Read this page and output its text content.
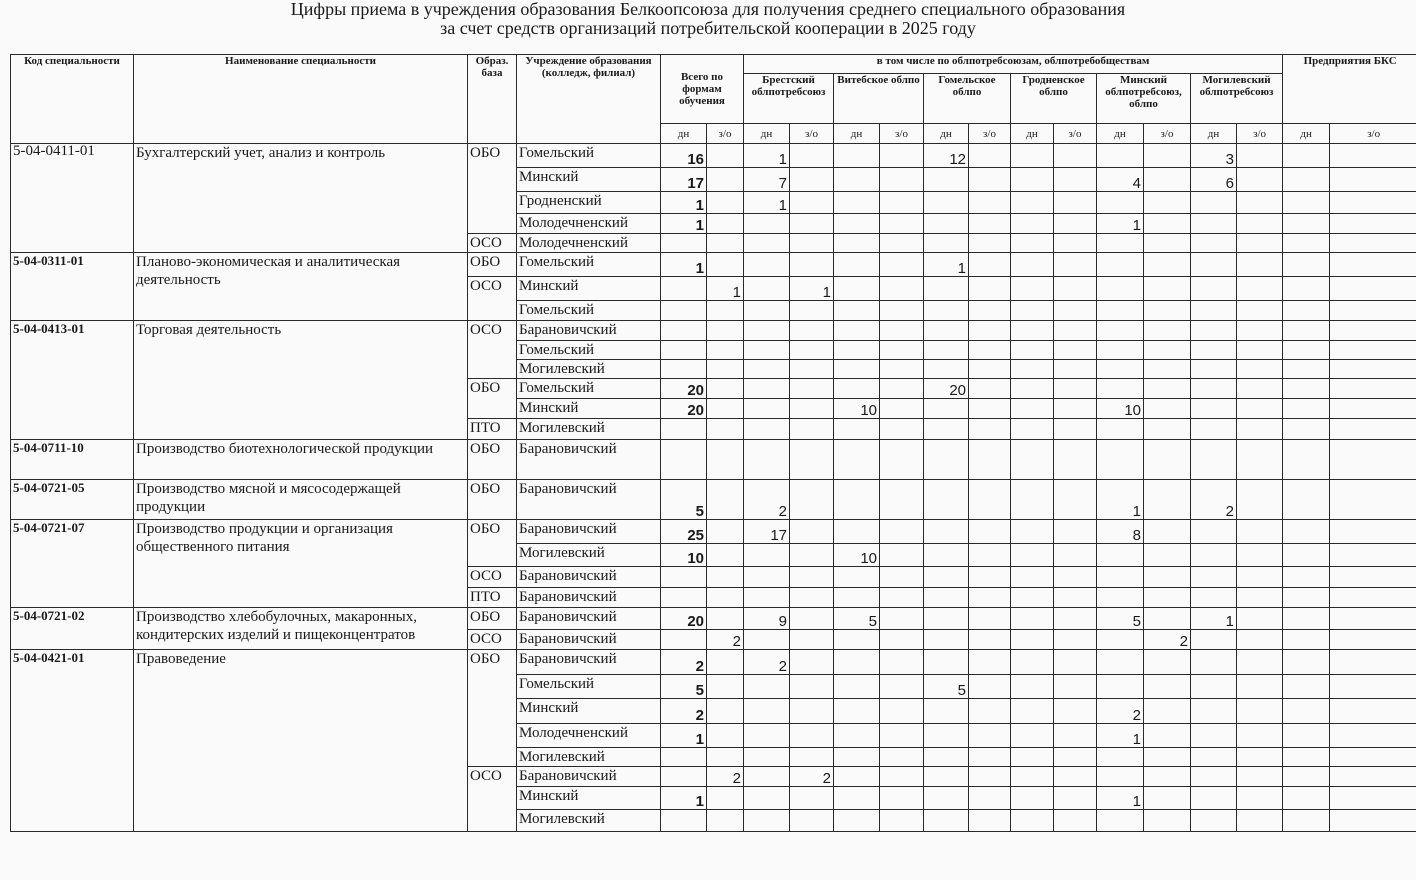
Цифры приема в учреждения образования Белкоопсоюза для получения среднего специального образования
за счет средств организаций потребительской кооперации в 2025 году
Код специальности	Наименование специальности	Образ. база	Учреждение образования (колледж, филиал)	Всего по формам обучения		в том числе по облпотребсоюзам, облпотребобществам												Предприятия БКС	
						Брестский облпотребсоюз		Витебское облпо		Гомельское облпо		Гродненское облпо		Минский облпотребсоюз, облпо		Могилевский облпотребсоюз			
				дн	з/о	дн	з/о	дн	з/о	дн	з/о	дн	з/о	дн	з/о	дн	з/о	дн	з/о
5-04-0411-01	Бухгалтерский учет, анализ и контроль	ОБО	Гомельский	16		1				12						3			
			Минский	17		7								4		6			
			Гродненский	1		1													
			Молодечненский	1										1					
		ОСО	Молодечненский																
5-04-0311-01	Планово-экономическая и аналитическая деятельность	ОБО	Гомельский	1						1									
		ОСО	Минский		1		1												
			Гомельский																
5-04-0413-01	Торговая деятельность	ОСО	Барановичский																
			Гомельский																
			Могилевский																
		ОБО	Гомельский	20						20									
			Минский	20				10						10					
		ПТО	Могилевский																
5-04-0711-10	Производство биотехнологической продукции	ОБО	Барановичский																
5-04-0721-05	Производство мясной и мясосодержащей продукции	ОБО	Барановичский	5		2								1		2			
5-04-0721-07	Производство продукции и организация общественного питания	ОБО	Барановичский	25		17								8					
			Могилевский	10				10											
		ОСО	Барановичский																
		ПТО	Барановичский																
5-04-0721-02	Производство хлебобулочных, макаронных, кондитерских изделий и пищеконцентратов	ОБО	Барановичский	20		9		5						5		1			
		ОСО	Барановичский		2										2				
5-04-0421-01	Правоведение	ОБО	Барановичский	2		2													
			Гомельский	5						5									
			Минский	2										2					
			Молодечненский	1										1					
			Могилевский																
		ОСО	Барановичский		2		2												
			Минский	1										1					
			Могилевский																
